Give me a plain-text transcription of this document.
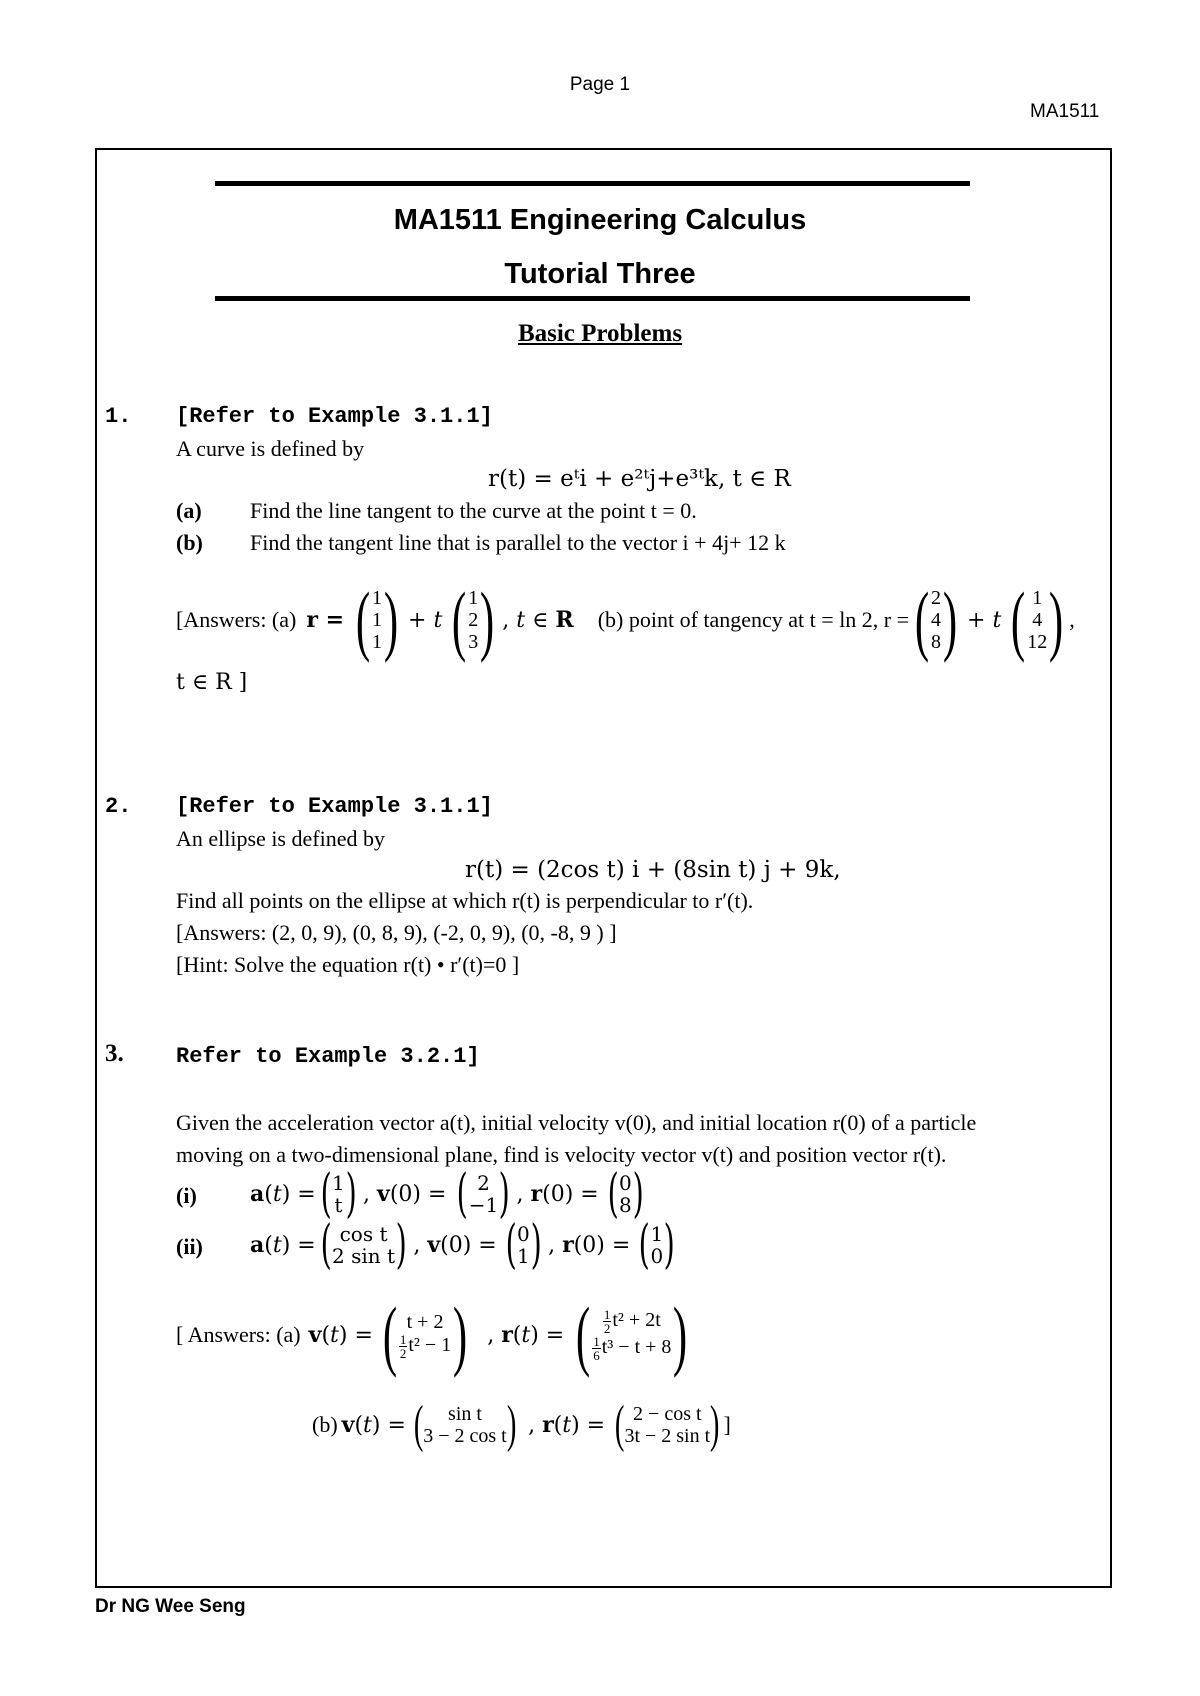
Page 1
MA1511
MA1511 Engineering Calculus
Tutorial Three
Basic Problems
1. [Refer to Example 3.1.1]
A curve is defined by
r(t) = eᵗi + e²ᵗj+e³ᵗk, t ∈ R
(a) Find the line tangent to the curve at the point t = 0.
(b) Find the tangent line that is parallel to the vector i + 4j+ 12 k
[Answers: (a) r = ( 1
1
1 ) + t ( 1
2
3 ) , t ∈ R (b) point of tangency at t = ln 2, r = ( 2
4
8 ) + t ( 1
4
12 ) ,
t ∈ R ]
2. [Refer to Example 3.1.1]
An ellipse is defined by
r(t) = (2cos t) i + (8sin t) j + 9k,
Find all points on the ellipse at which r(t) is perpendicular to r′(t).
[Answers: (2, 0, 9), (0, 8, 9), (-2, 0, 9), (0, -8, 9 ) ]
[Hint: Solve the equation r(t) • r′(t)=0 ]
3. Refer to Example 3.2.1]
Given the acceleration vector a(t), initial velocity v(0), and initial location r(0) of a particle
moving on a two-dimensional plane, find is velocity vector v(t) and position vector r(t).
(i) a(t) = ( 1
t ) , v(0) = ( 2
−1 ) , r(0) = ( 0
8 )
(ii) a(t) = ( cos t
2 sin t ) , v(0) = ( 0
1 ) , r(0) = ( 1
0 )
[ Answers: (a) v(t) = ( t + 2
$\frac{1}{2} t^2 - 1$ ) , r(t) = ( $\frac{1}{2} t^2 + 2t$
$\frac{1}{6} t^3 - t + 8$ )
(b) v(t) = ( sin t
3 − 2 cos t ) , r(t) = ( 2 − cos t
3t − 2 sin t ) ]
Dr NG Wee Seng
